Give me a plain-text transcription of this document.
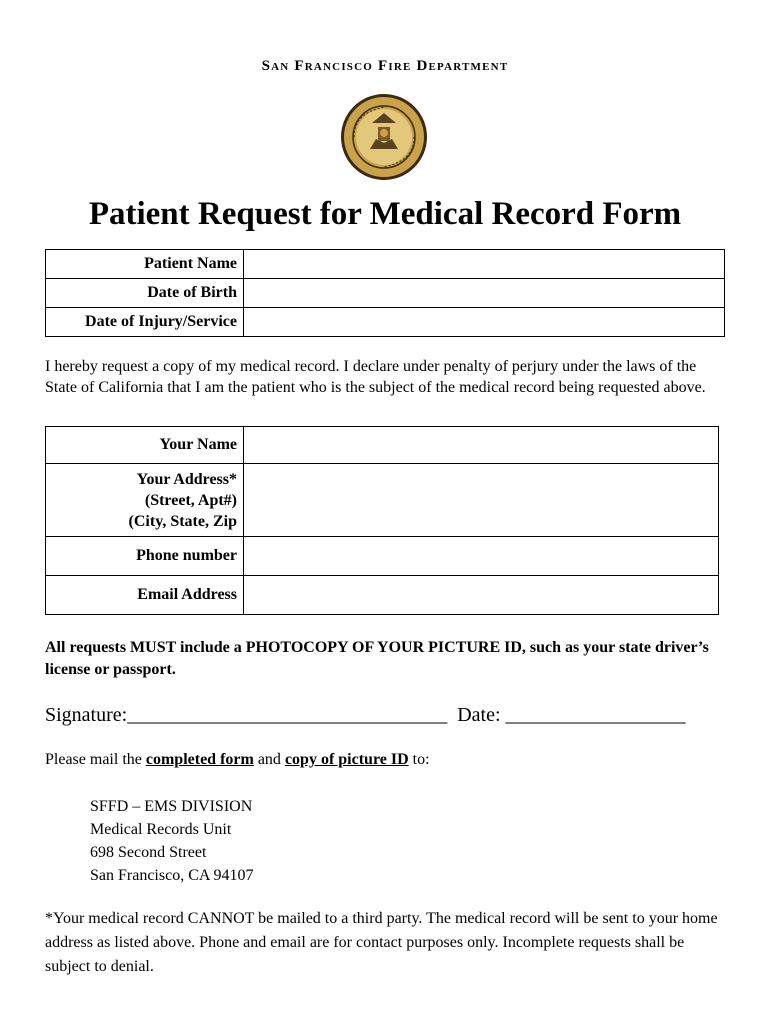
San Francisco Fire Department
Patient Request for Medical Record Form
Patient Name	
Date of Birth	
Date of Injury/Service	
I hereby request a copy of my medical record. I declare under penalty of perjury under the laws of the State of California that I am the patient who is the subject of the medical record being requested above.
Your Name	

Your Address*
(Street, Apt#)
(City, State, Zip	

Phone number	
Email Address	
All requests MUST include a PHOTOCOPY OF YOUR PICTURE ID, such as your state driver’s license or passport.
Signature:________________________________ Date: __________________
Please mail the completed form and copy of picture ID to:
SFFD – EMS DIVISION
Medical Records Unit
698 Second Street
San Francisco, CA 94107
*Your medical record CANNOT be mailed to a third party. The medical record will be sent to your home address as listed above. Phone and email are for contact purposes only. Incomplete requests shall be subject to denial.
